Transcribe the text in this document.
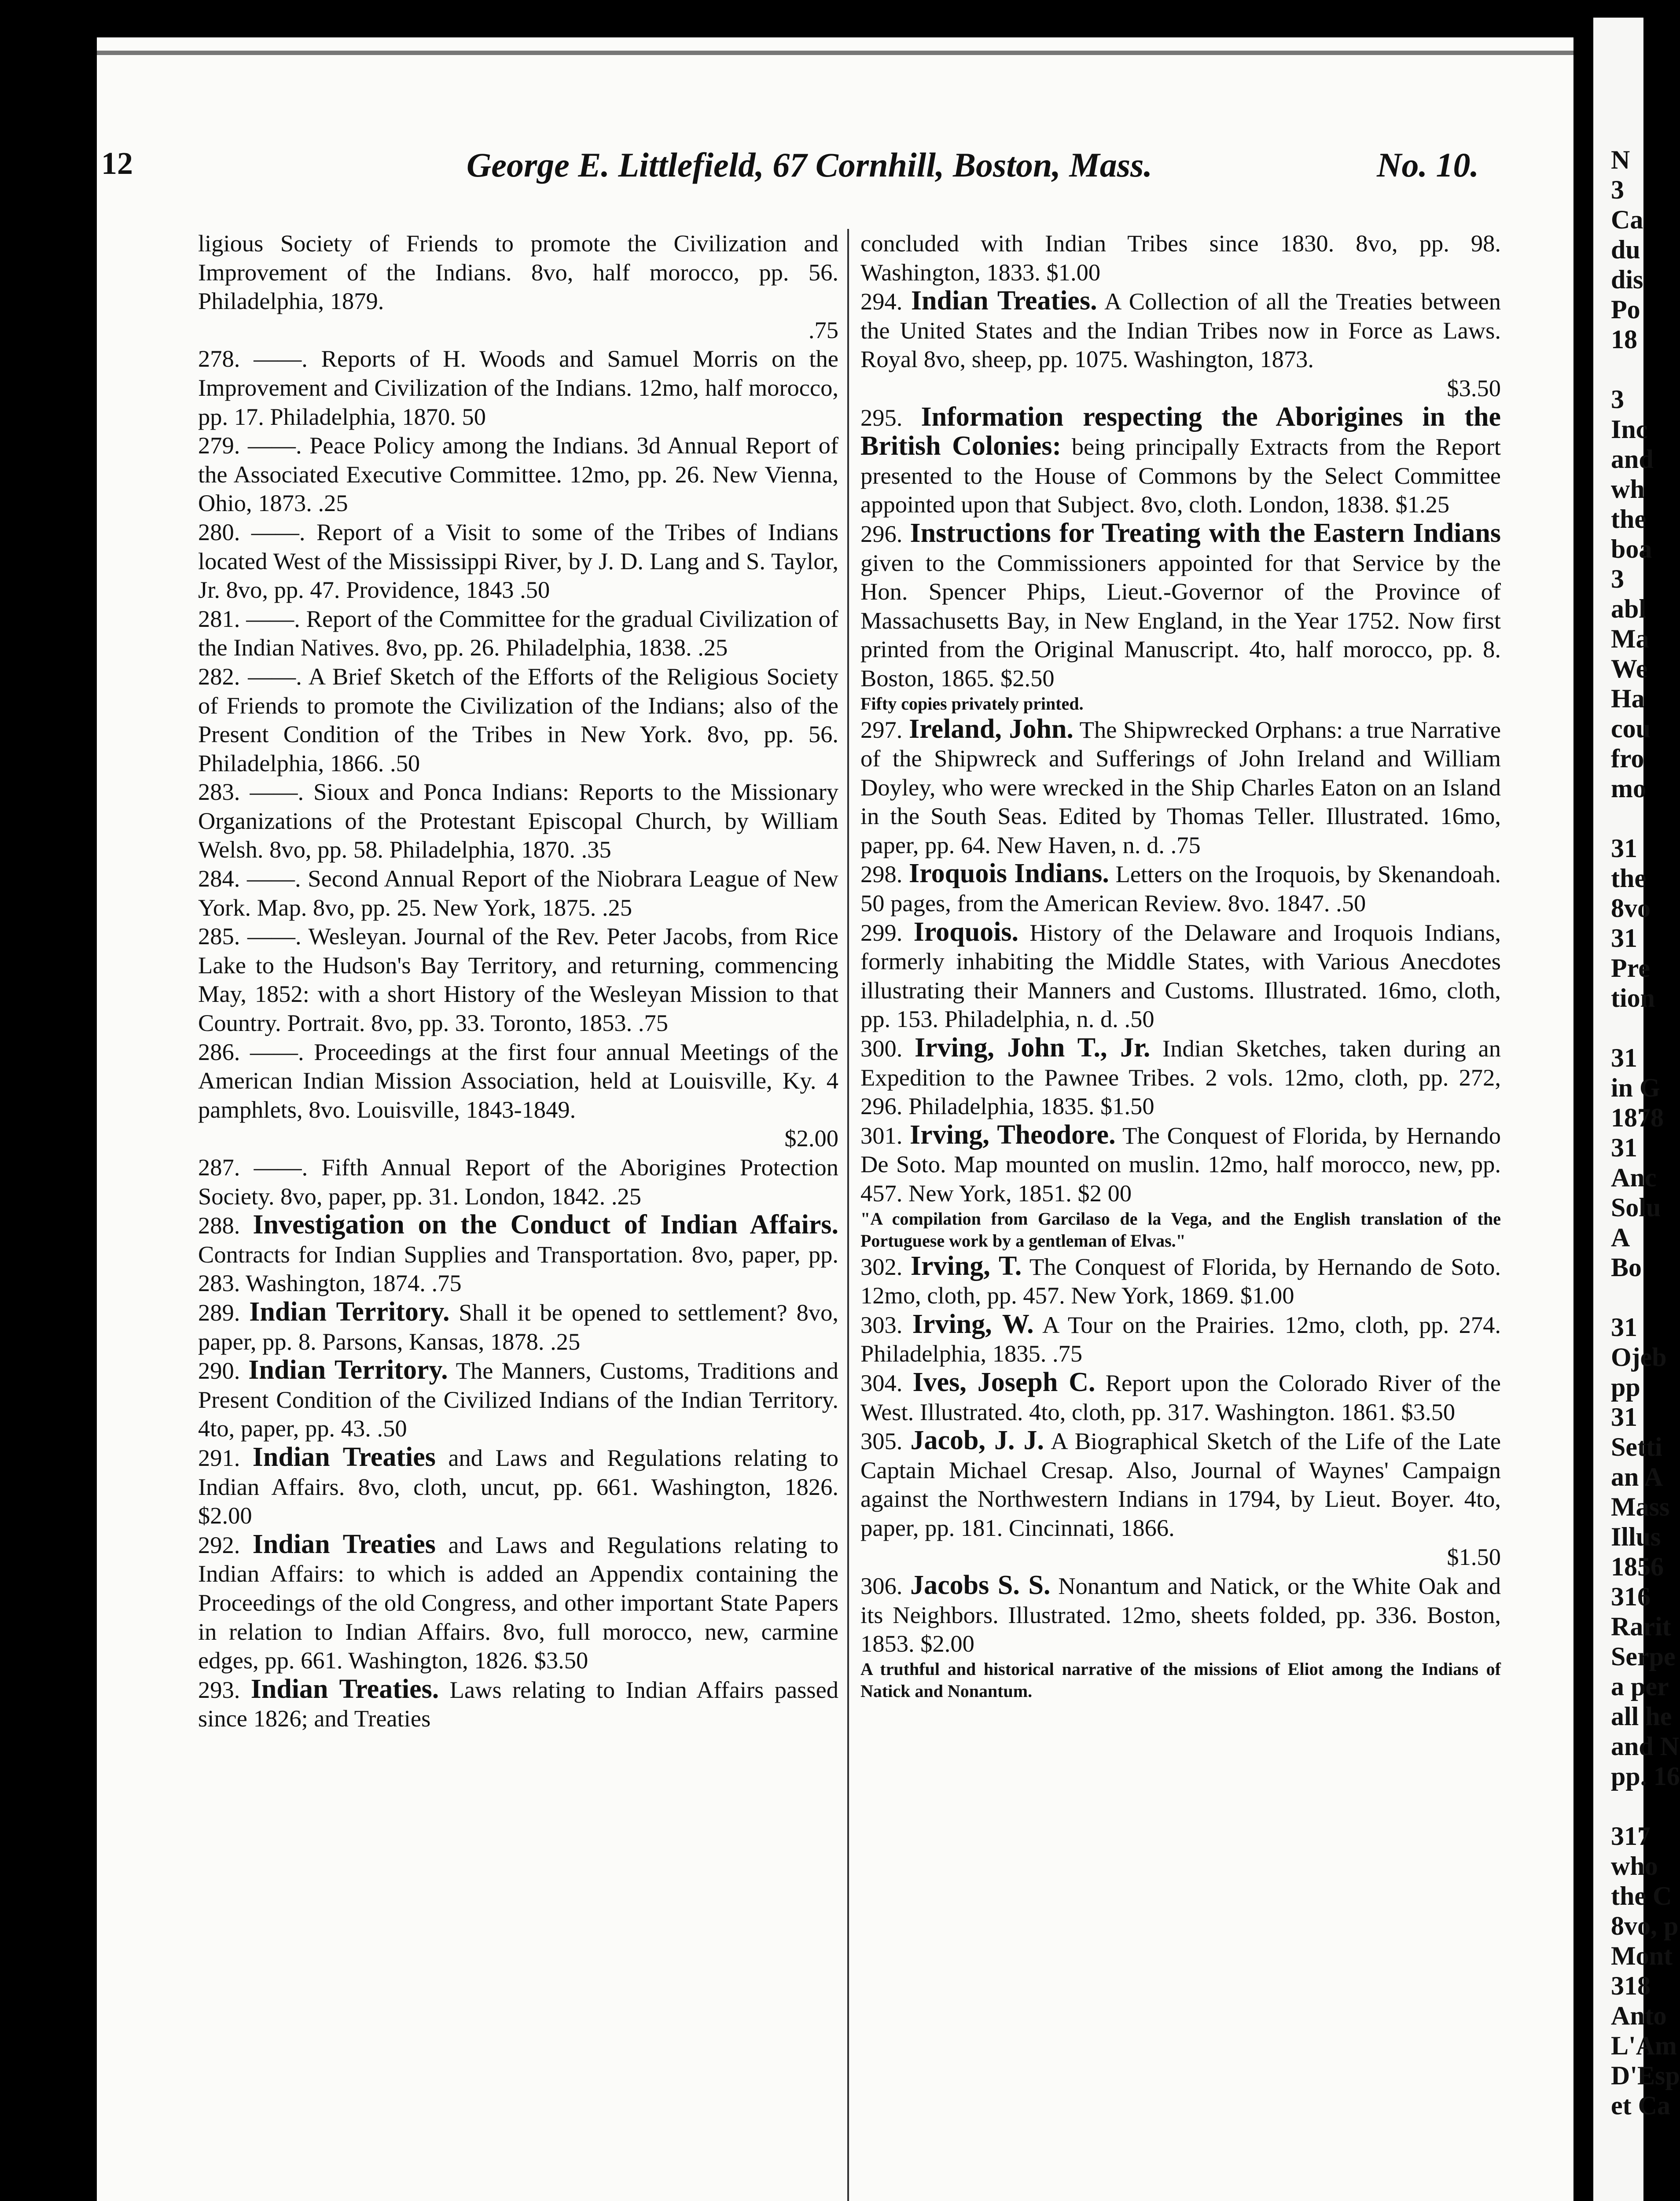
N
3
Ca
du
dis
Po
18
3
Inc
and
wh
the
boa
3
abl
Ma
We
Ha
cou
fro
mo
31
the
8vo
31
Pre
tion
31
in G
1878
31
Anc
Solu
A
Bo
31
Ojeb
pp
31
Setti
an A
Mass
Illus
1856
316
Rarit
Serpe
a per
all he
and N
pp. 16
317
who
the C
8vo, p
Mont
318
Anto
L'Am
D'Esp
et Ca
12	George E. Littlefield, 67 Cornhill, Boston, Mass.	No. 10.

ligious Society of Friends to promote the Civilization and Improvement of the Indians. 8vo, half morocco, pp. 56. Philadelphia, 1879.
.75

278. ——. Reports of H. Woods and Samuel Morris on the Improvement and Civilization of the Indians. 12mo, half morocco, pp. 17. Philadelphia, 1870. 50

279. ——. Peace Policy among the Indians. 3d Annual Report of the Associated Executive Committee. 12mo, pp. 26. New Vienna, Ohio, 1873. .25

280. ——. Report of a Visit to some of the Tribes of Indians located West of the Mississippi River, by J. D. Lang and S. Taylor, Jr. 8vo, pp. 47. Providence, 1843 .50

281. ——. Report of the Committee for the gradual Civilization of the Indian Natives. 8vo, pp. 26. Philadelphia, 1838. .25

282. ——. A Brief Sketch of the Efforts of the Religious Society of Friends to promote the Civilization of the Indians; also of the Present Condition of the Tribes in New York. 8vo, pp. 56. Philadelphia, 1866. .50

283. ——. Sioux and Ponca Indians: Reports to the Missionary Organizations of the Protestant Episcopal Church, by William Welsh. 8vo, pp. 58. Philadelphia, 1870. .35

284. ——. Second Annual Report of the Niobrara League of New York. Map. 8vo, pp. 25. New York, 1875. .25

285. ——. Wesleyan. Journal of the Rev. Peter Jacobs, from Rice Lake to the Hudson's Bay Territory, and returning, commencing May, 1852: with a short History of the Wesleyan Mission to that Country. Portrait. 8vo, pp. 33. Toronto, 1853. .75

286. ——. Proceedings at the first four annual Meetings of the American Indian Mission Association, held at Louisville, Ky. 4 pamphlets, 8vo. Louisville, 1843-1849.
$2.00

287. ——. Fifth Annual Report of the Aborigines Protection Society. 8vo, paper, pp. 31. London, 1842. .25

288. Investigation on the Conduct of Indian Affairs. Contracts for Indian Supplies and Transportation. 8vo, paper, pp. 283. Washington, 1874. .75

289. Indian Territory. Shall it be opened to settlement? 8vo, paper, pp. 8. Parsons, Kansas, 1878. .25

290. Indian Territory. The Manners, Customs, Traditions and Present Condition of the Civilized Indians of the Indian Territory. 4to, paper, pp. 43. .50

291. Indian Treaties and Laws and Regulations relating to Indian Affairs. 8vo, cloth, uncut, pp. 661. Washington, 1826. $2.00

292. Indian Treaties and Laws and Regulations relating to Indian Affairs: to which is added an Appendix containing the Proceedings of the old Congress, and other important State Papers in relation to Indian Affairs. 8vo, full morocco, new, carmine edges, pp. 661. Washington, 1826. $3.50

293. Indian Treaties. Laws relating to Indian Affairs passed since 1826; and Treaties

concluded with Indian Tribes since 1830. 8vo, pp. 98. Washington, 1833. $1.00

294. Indian Treaties. A Collection of all the Treaties between the United States and the Indian Tribes now in Force as Laws. Royal 8vo, sheep, pp. 1075. Washington, 1873.
$3.50

295. Information respecting the Aborigines in the British Colonies: being principally Extracts from the Report presented to the House of Commons by the Select Committee appointed upon that Subject. 8vo, cloth. London, 1838. $1.25

296. Instructions for Treating with the Eastern Indians given to the Commissioners appointed for that Service by the Hon. Spencer Phips, Lieut.-Governor of the Province of Massachusetts Bay, in New England, in the Year 1752. Now first printed from the Original Manuscript. 4to, half morocco, pp. 8. Boston, 1865. $2.50

Fifty copies privately printed.

297. Ireland, John. The Shipwrecked Orphans: a true Narrative of the Shipwreck and Sufferings of John Ireland and William Doyley, who were wrecked in the Ship Charles Eaton on an Island in the South Seas. Edited by Thomas Teller. Illustrated. 16mo, paper, pp. 64. New Haven, n. d. .75

298. Iroquois Indians. Letters on the Iroquois, by Skenandoah. 50 pages, from the American Review. 8vo. 1847. .50

299. Iroquois. History of the Delaware and Iroquois Indians, formerly inhabiting the Middle States, with Various Anecdotes illustrating their Manners and Customs. Illustrated. 16mo, cloth, pp. 153. Philadelphia, n. d. .50

300. Irving, John T., Jr. Indian Sketches, taken during an Expedition to the Pawnee Tribes. 2 vols. 12mo, cloth, pp. 272, 296. Philadelphia, 1835. $1.50

301. Irving, Theodore. The Conquest of Florida, by Hernando De Soto. Map mounted on muslin. 12mo, half morocco, new, pp. 457. New York, 1851. $2 00

"A compilation from Garcilaso de la Vega, and the English translation of the Portuguese work by a gentleman of Elvas."

302. Irving, T. The Conquest of Florida, by Hernando de Soto. 12mo, cloth, pp. 457. New York, 1869. $1.00

303. Irving, W. A Tour on the Prairies. 12mo, cloth, pp. 274. Philadelphia, 1835. .75

304. Ives, Joseph C. Report upon the Colorado River of the West. Illustrated. 4to, cloth, pp. 317. Washington. 1861. $3.50

305. Jacob, J. J. A Biographical Sketch of the Life of the Late Captain Michael Cresap. Also, Journal of Waynes' Campaign against the Northwestern Indians in 1794, by Lieut. Boyer. 4to, paper, pp. 181. Cincinnati, 1866.
$1.50

306. Jacobs S. S. Nonantum and Natick, or the White Oak and its Neighbors. Illustrated. 12mo, sheets folded, pp. 336. Boston, 1853. $2.00

A truthful and historical narrative of the missions of Eliot among the Indians of Natick and Nonantum.
